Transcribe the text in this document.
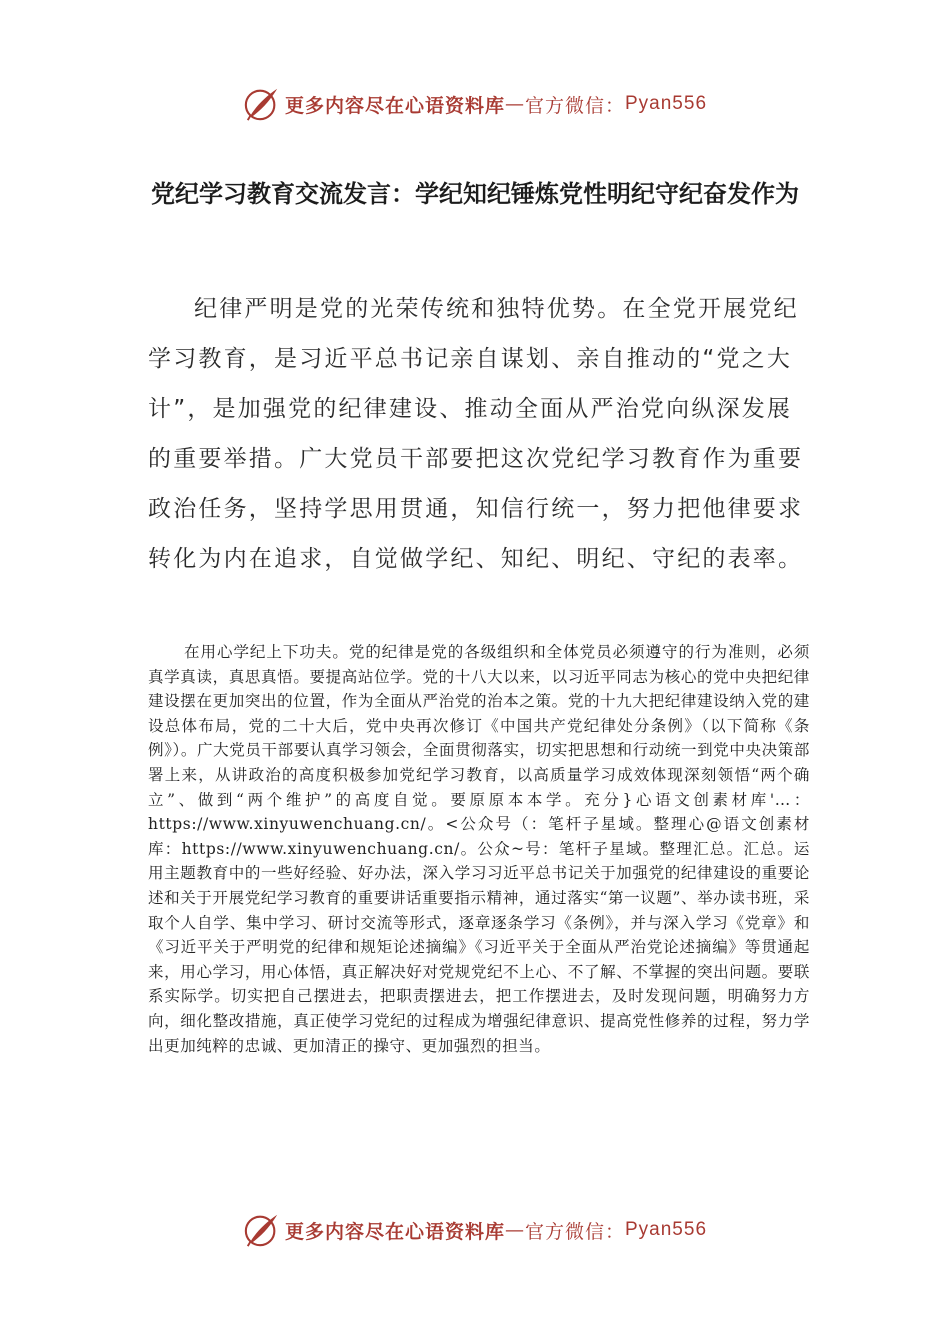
更多内容尽在心语资料库 — 官方微信： Pyan556
党纪学习教育交流发言：学纪知纪锤炼党性明纪守纪奋发作为

纪律严明是党的光荣传统和独特优势。在全党开展党纪学习教育，是习近平总书记亲自谋划、亲自推动的“党之大计”，是加强党的纪律建设、推动全面从严治党向纵深发展的重要举措。广大党员干部要把这次党纪学习教育作为重要政治任务，坚持学思用贯通，知信行统一，努力把他律要求转化为内在追求，自觉做学纪、知纪、明纪、守纪的表率。

在用心学纪上下功夫。党的纪律是党的各级组织和全体党员必须遵守的行为准则，必须真学真读，真思真悟。要提高站位学。党的十八大以来，以习近平同志为核心的党中央把纪律建设摆在更加突出的位置，作为全面从严治党的治本之策。党的十九大把纪律建设纳入党的建设总体布局，党的二十大后，党中央再次修订《中国共产党纪律处分条例》（以下简称《条例》）。广大党员干部要认真学习领会，全面贯彻落实，切实把思想和行动统一到党中央决策部署上来，从讲政治的高度积极参加党纪学习教育，以高质量学习成效体现深刻领悟“两个确立”、做到“两个维护”的高度自觉。要原原本本学。充分}心语文创素材库'…：https://www.xinyuwenchuang.cn/。<公众号（：笔杆子星域。整理心@语文创素材库：https://www.xinyuwenchuang.cn/。公众~号：笔杆子星域。整理汇总。汇总。运用主题教育中的一些好经验、好办法，深入学习习近平总书记关于加强党的纪律建设的重要论述和关于开展党纪学习教育的重要讲话重要指示精神，通过落实“第一议题”、举办读书班，采取个人自学、集中学习、研讨交流等形式，逐章逐条学习《条例》，并与深入学习《党章》和《习近平关于严明党的纪律和规矩论述摘编》《习近平关于全面从严治党论述摘编》等贯通起来，用心学习，用心体悟，真正解决好对党规党纪不上心、不了解、不掌握的突出问题。要联系实际学。切实把自己摆进去，把职责摆进去，把工作摆进去，及时发现问题，明确努力方向，细化整改措施，真正使学习党纪的过程成为增强纪律意识、提高党性修养的过程，努力学出更加纯粹的忠诚、更加清正的操守、更加强烈的担当。

更多内容尽在心语资料库 — 官方微信： Pyan556
